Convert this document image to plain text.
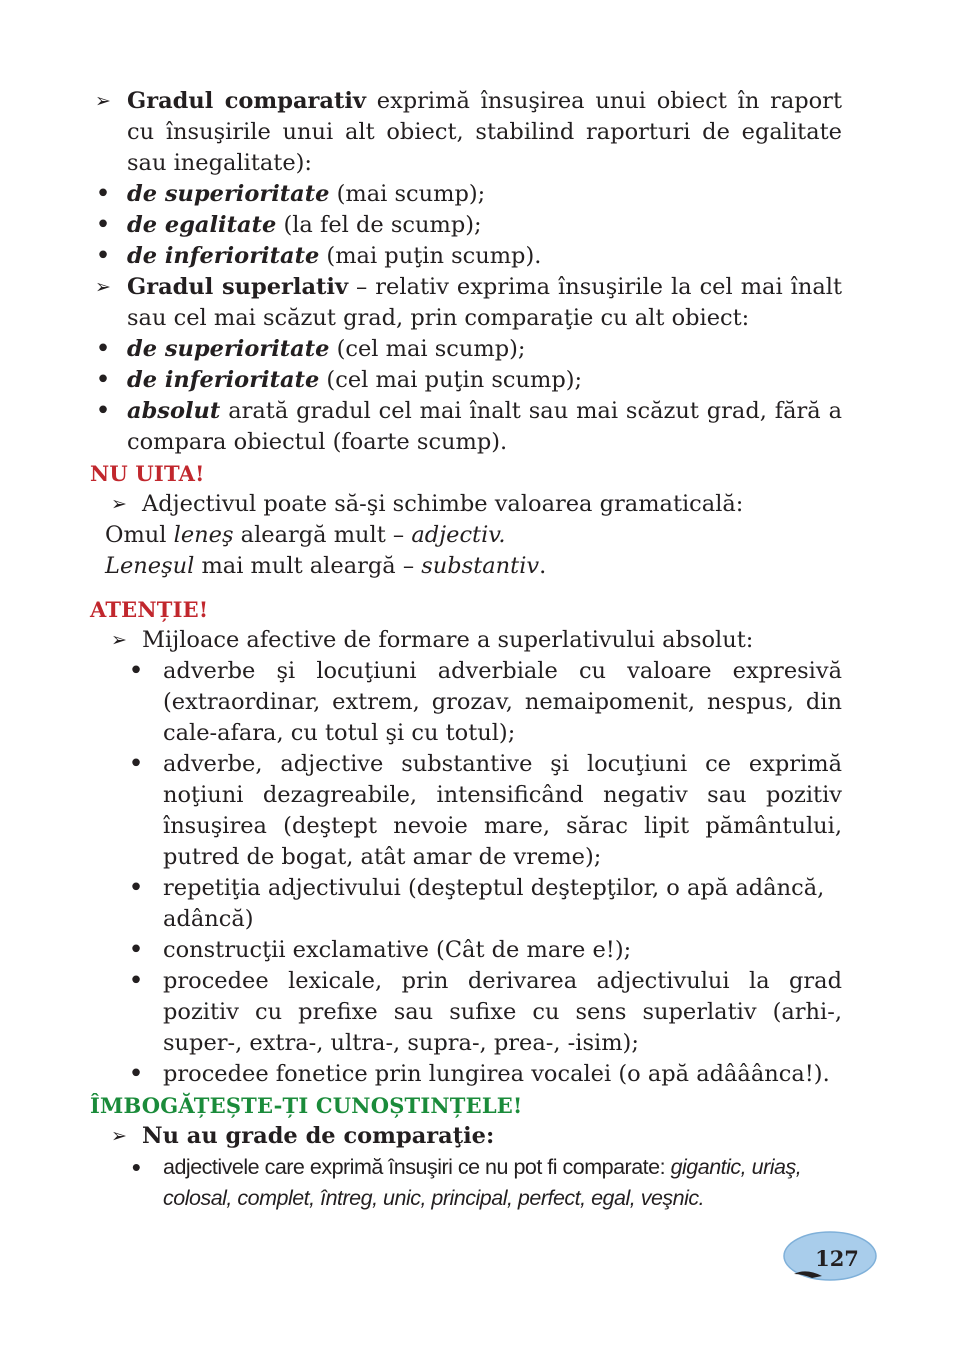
➢ Gradul comparativ exprimă însuşirea unui obiect în raport cu însuşirile unui alt obiect, stabilind raporturi de egalitate sau inegalitate):
• de superioritate (mai scump);
• de egalitate (la fel de scump);
• de inferioritate (mai puţin scump).
➢ Gradul superlativ – relativ exprima însuşirile la cel mai înalt sau cel mai scăzut grad, prin comparaţie cu alt obiect:
• de superioritate (cel mai scump);
• de inferioritate (cel mai puţin scump);
• absolut arată gradul cel mai înalt sau mai scăzut grad, fără a compara obiectul (foarte scump).
NU UITA!
➢ Adjectivul poate să-şi schimbe valoarea gramaticală:
Omul leneş aleargă mult – adjectiv.
Leneşul mai mult aleargă – substantiv.
ATENȚIE!
➢ Mijloace afective de formare a superlativului absolut:
• adverbe şi locuţiuni adverbiale cu valoare expresivă (extraordinar, extrem, grozav, nemaipomenit, nespus, din cale-afara, cu totul şi cu totul);
• adverbe, adjective substantive şi locuţiuni ce exprimă noţiuni dezagreabile, intensificând negativ sau pozitiv însuşirea (deştept nevoie mare, sărac lipit pământului, putred de bogat, atât amar de vreme);
• repetiţia adjectivului (deşteptul deştepţilor, o apă adâncă, adâncă)
• construcţii exclamative (Cât de mare e!);
• procedee lexicale, prin derivarea adjectivului la grad pozitiv cu prefixe sau sufixe cu sens superlativ (arhi-, super-, extra-, ultra-, supra-, prea-, -isim);
• procedee fonetice prin lungirea vocalei (o apă adââânca!).
ÎMBOGĂȚEȘTE-ȚI CUNOȘTINȚELE!
➢ Nu au grade de comparaţie:
•	adjectivele care exprimă însuşiri ce nu pot fi comparate: gigantic, uriaş, colosal, complet, întreg, unic, principal, perfect, egal, veşnic.
127
